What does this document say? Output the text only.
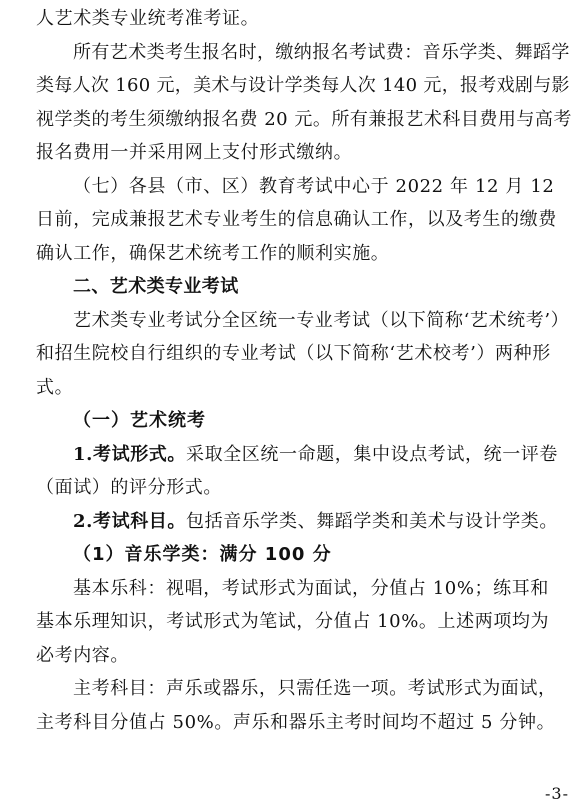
人艺术类专业统考准考证。

所有艺术类考生报名时，缴纳报名考试费：音乐学类、舞蹈学

类每人次 160 元，美术与设计学类每人次 140 元，报考戏剧与影

视学类的考生须缴纳报名费 20 元。所有兼报艺术科目费用与高考

报名费用一并采用网上支付形式缴纳。

（七）各县（市、区）教育考试中心于 2022 年 12 月 12

日前，完成兼报艺术专业考生的信息确认工作，以及考生的缴费

确认工作，确保艺术统考工作的顺利实施。

二、艺术类专业考试

艺术类专业考试分全区统一专业考试（以下简称‘艺术统考’）

和招生院校自行组织的专业考试（以下简称‘艺术校考’）两种形

式。

（一）艺术统考

1.考试形式。采取全区统一命题，集中设点考试，统一评卷

（面试）的评分形式。

2.考试科目。包括音乐学类、舞蹈学类和美术与设计学类。

（1）音乐学类：满分 100 分

基本乐科：视唱，考试形式为面试，分值占 10%；练耳和

基本乐理知识，考试形式为笔试，分值占 10%。上述两项均为

必考内容。

主考科目：声乐或器乐，只需任选一项。考试形式为面试，

主考科目分值占 50%。声乐和器乐主考时间均不超过 5 分钟。

-3-
